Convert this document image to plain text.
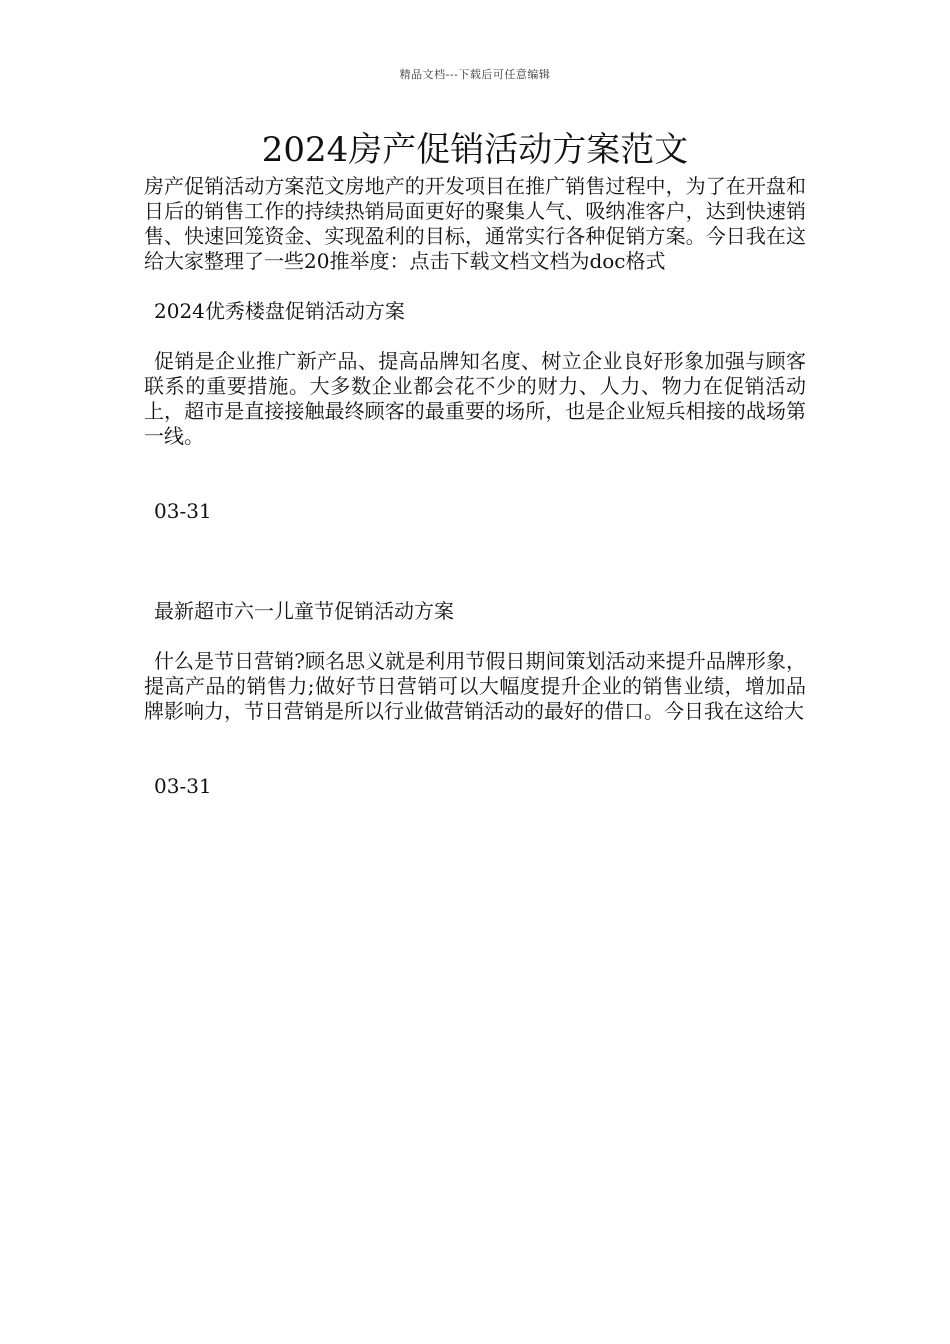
精品文档---下载后可任意编辑
2024房产促销活动方案范文

房产促销活动方案范文房地产的开发项目在推广销售过程中，为了在开盘和日后的销售工作的持续热销局面更好的聚集人气、吸纳准客户，达到快速销售、快速回笼资金、实现盈利的目标，通常实行各种促销方案。今日我在这给大家整理了一些20推举度：点击下载文档文档为doc格式

2024优秀楼盘促销活动方案

促销是企业推广新产品、提高品牌知名度、树立企业良好形象加强与顾客联系的重要措施。大多数企业都会花不少的财力、人力、物力在促销活动上，超市是直接接触最终顾客的最重要的场所，也是企业短兵相接的战场第一线。

03-31

最新超市六一儿童节促销活动方案

什么是节日营销?顾名思义就是利用节假日期间策划活动来提升品牌形象，提高产品的销售力;做好节日营销可以大幅度提升企业的销售业绩，增加品牌影响力，节日营销是所以行业做营销活动的最好的借口。今日我在这给大

03-31
